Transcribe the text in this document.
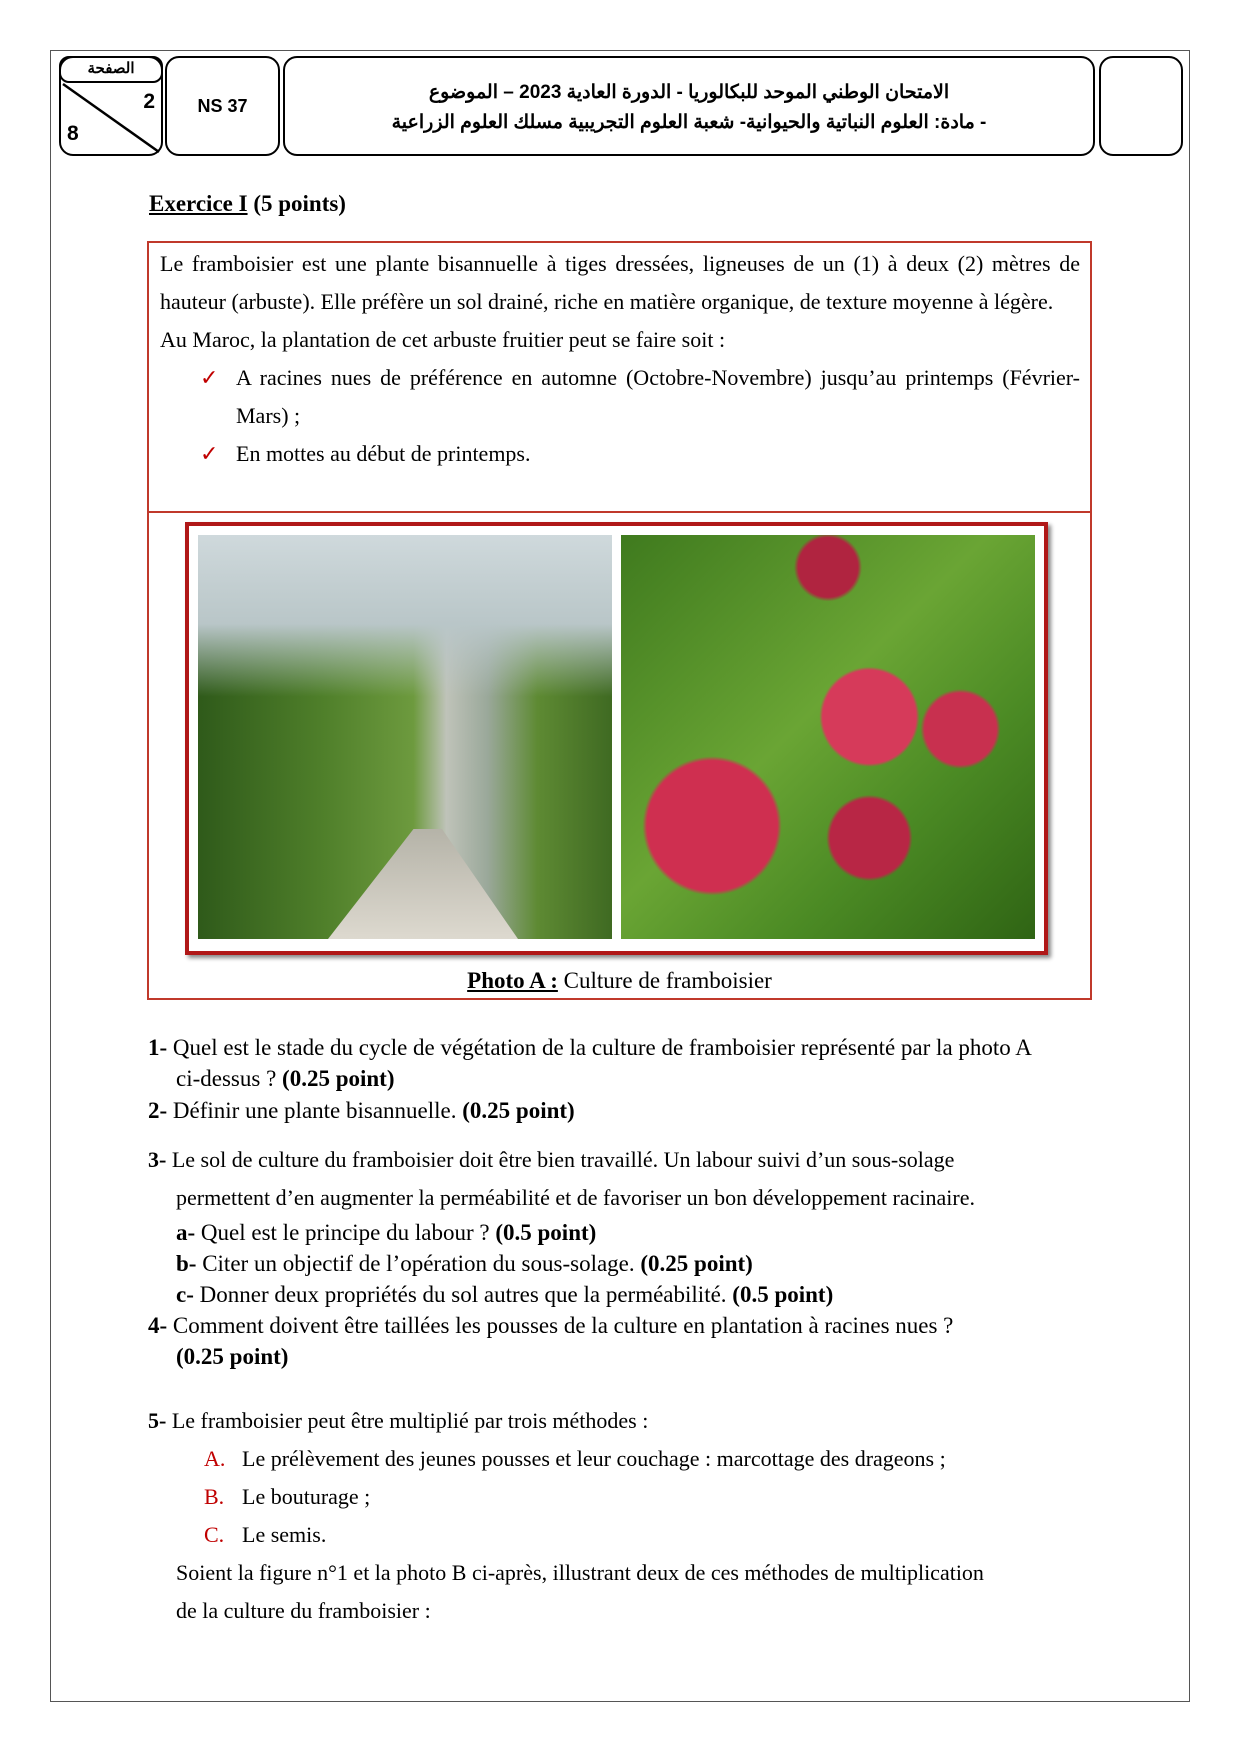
الصفحة
2
8
NS 37
الامتحان الوطني الموحد للبكالوريا - الدورة العادية 2023 – الموضوع
- مادة: العلوم النباتية والحيوانية- شعبة العلوم التجريبية مسلك العلوم الزراعية
Exercice I (5 points)
Le framboisier est une plante bisannuelle à tiges dressées, ligneuses de un (1) à deux (2) mètres de hauteur (arbuste). Elle préfère un sol drainé, riche en matière organique, de texture moyenne à légère.
Au Maroc, la plantation de cet arbuste fruitier peut se faire soit :
✓ A racines nues de préférence en automne (Octobre-Novembre) jusqu’au printemps (Février-Mars) ;
✓ En mottes au début de printemps.
Photo A : Culture de framboisier
1- Quel est le stade du cycle de végétation de la culture de framboisier représenté par la photo A
ci-dessus ? (0.25 point)
2- Définir une plante bisannuelle. (0.25 point)
3- Le sol de culture du framboisier doit être bien travaillé. Un labour suivi d’un sous-solage
permettent d’en augmenter la perméabilité et de favoriser un bon développement racinaire.
a- Quel est le principe du labour ? (0.5 point)
b- Citer un objectif de l’opération du sous-solage. (0.25 point)
c- Donner deux propriétés du sol autres que la perméabilité. (0.5 point)
4- Comment doivent être taillées les pousses de la culture en plantation à racines nues ?
(0.25 point)
5- Le framboisier peut être multiplié par trois méthodes :
A. Le prélèvement des jeunes pousses et leur couchage : marcottage des drageons ;
B. Le bouturage ;
C. Le semis.
Soient la figure n°1 et la photo B ci-après, illustrant deux de ces méthodes de multiplication
de la culture du framboisier :
